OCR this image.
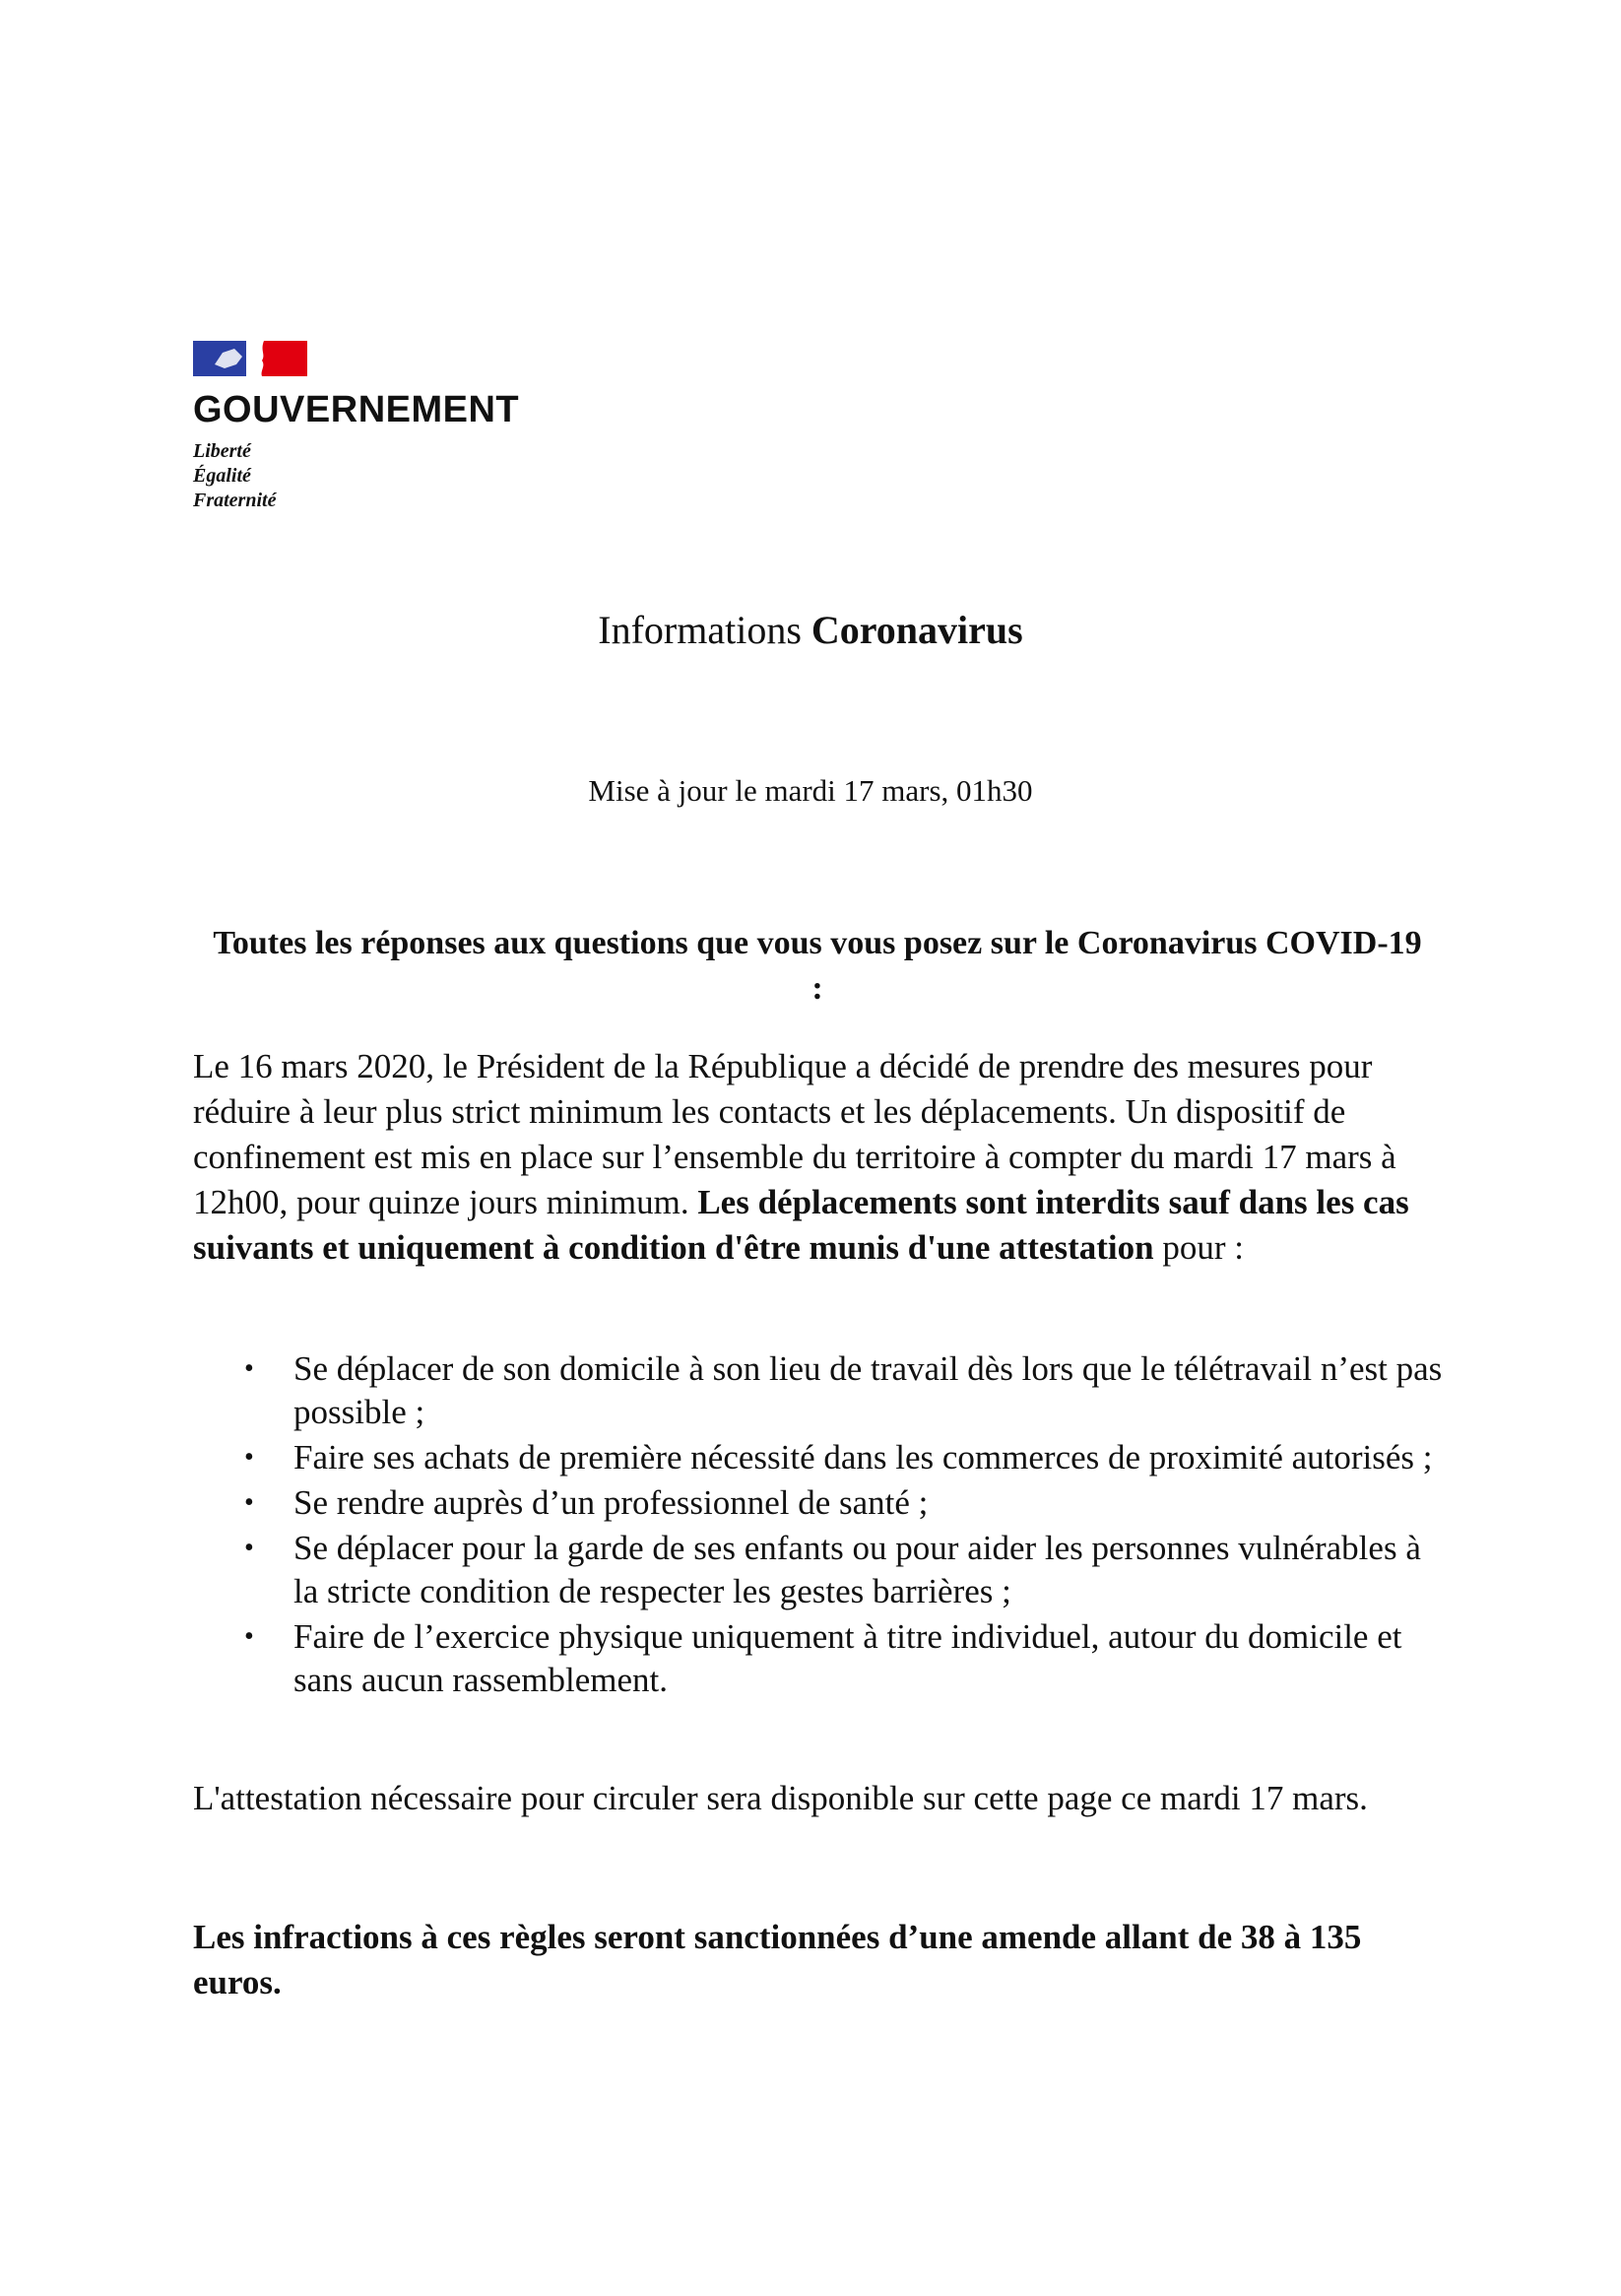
GOUVERNEMENT
Liberté
Égalité
Fraternité
Informations Coronavirus
Mise à jour le mardi 17 mars, 01h30
Toutes les réponses aux questions que vous vous posez sur le Coronavirus COVID-19 :
Le 16 mars 2020, le Président de la République a décidé de prendre des mesures pour réduire à leur plus strict minimum les contacts et les déplacements. Un dispositif de confinement est mis en place sur l’ensemble du territoire à compter du mardi 17 mars à 12h00, pour quinze jours minimum. Les déplacements sont interdits sauf dans les cas suivants et uniquement à condition d'être munis d'une attestation pour :
• Se déplacer de son domicile à son lieu de travail dès lors que le télétravail n’est pas possible ;
• Faire ses achats de première nécessité dans les commerces de proximité autorisés ;
• Se rendre auprès d’un professionnel de santé ;
• Se déplacer pour la garde de ses enfants ou pour aider les personnes vulnérables à la stricte condition de respecter les gestes barrières ;
• Faire de l’exercice physique uniquement à titre individuel, autour du domicile et sans aucun rassemblement.
L'attestation nécessaire pour circuler sera disponible sur cette page ce mardi 17 mars.
Les infractions à ces règles seront sanctionnées d’une amende allant de 38 à 135 euros.
